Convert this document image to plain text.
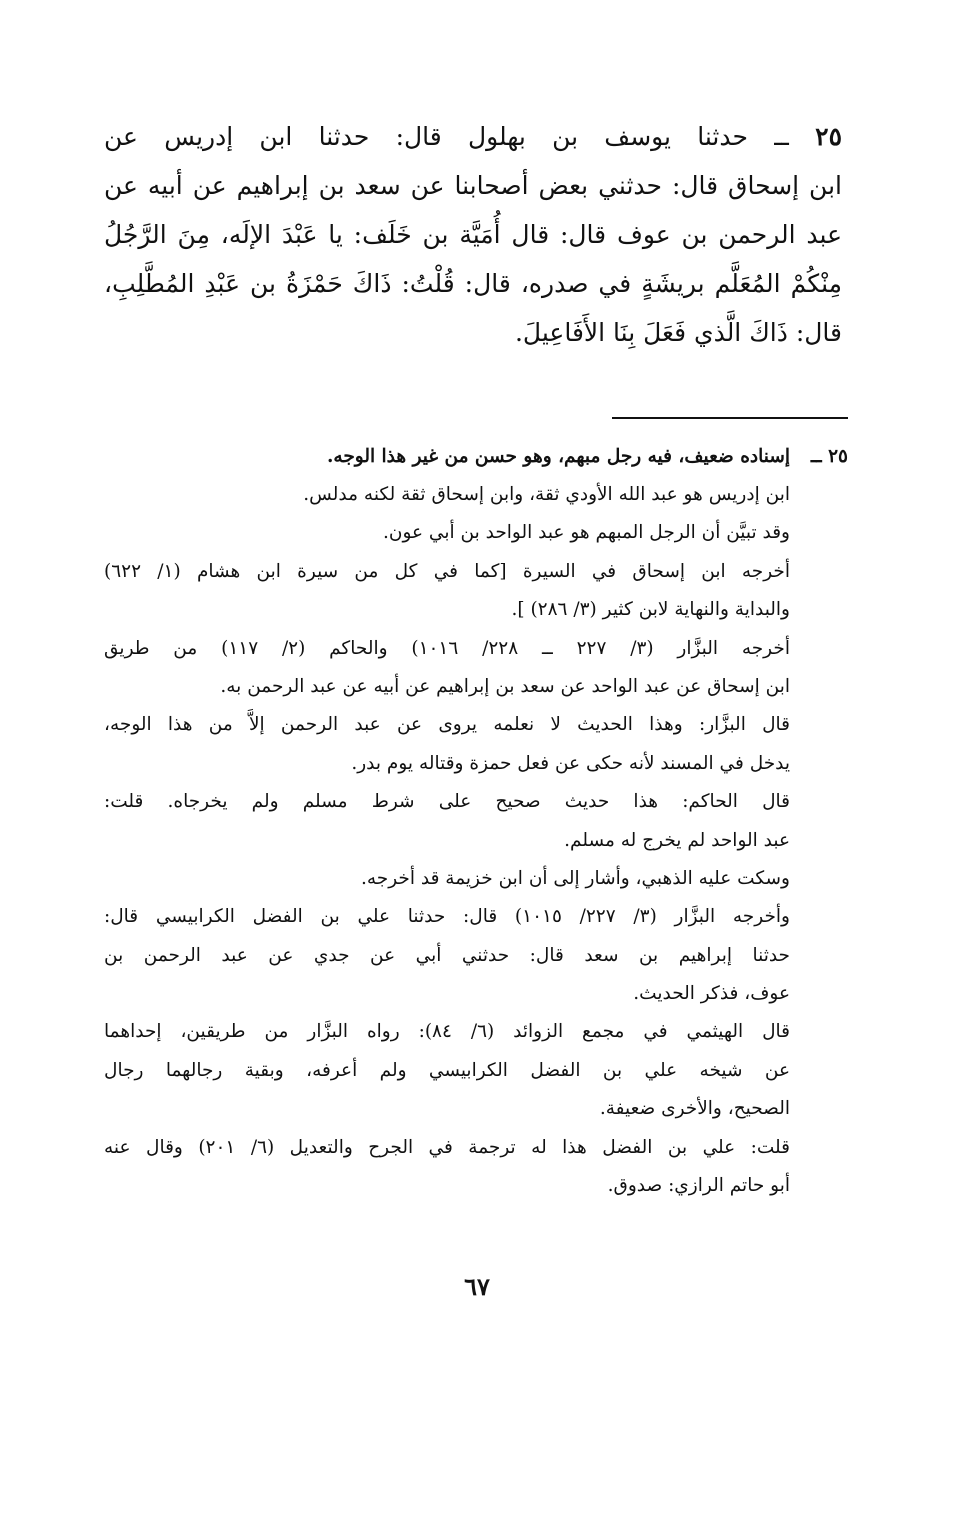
٢٥ ــ حدثنا يوسف بن بهلول قال: حدثنا ابن إدريس عن
ابن إسحاق قال: حدثني بعض أصحابنا عن سعد بن إبراهيم عن أبيه عن
عبد الرحمن بن عوف قال: قال أُمَيَّة بن خَلَف: يا عَبْدَ الإلَه، مِنَ الرَّجُلُ
مِنْكُمْ المُعَلَّم بريشَةٍ في صدره، قال: قُلْتُ: ذَاكَ حَمْزَةُ بن عَبْدِ المُطَّلِبِ،
قال: ذَاكَ الَّذي فَعَلَ بِنَا الأَفَاعِيلَ.
٢٥ ــ
إسناده ضعيف، فيه رجل مبهم، وهو حسن من غير هذا الوجه.
ابن إدريس هو عبد الله الأودي ثقة، وابن إسحاق ثقة لكنه مدلس.
وقد تبيَّن أن الرجل المبهم هو عبد الواحد بن أبي عون.
أخرجه ابن إسحاق في السيرة [كما في كل من سيرة ابن هشام (١/ ٦٢٢)
والبداية والنهاية لابن كثير (٣/ ٢٨٦) ].
أخرجه البزَّار (٣/ ٢٢٧ ــ ٢٢٨/ ١٠١٦) والحاكم (٢/ ١١٧) من طريق
ابن إسحاق عن عبد الواحد عن سعد بن إبراهيم عن أبيه عن عبد الرحمن به.
قال البزَّار: وهذا الحديث لا نعلمه يروى عن عبد الرحمن إلاَّ من هذا الوجه،
يدخل في المسند لأنه حكى عن فعل حمزة وقتاله يوم بدر.
قال الحاكم: هذا حديث صحيح على شرط مسلم ولم يخرجاه. قلت:
عبد الواحد لم يخرج له مسلم.
وسكت عليه الذهبي، وأشار إلى أن ابن خزيمة قد أخرجه.
وأخرجه البزَّار (٣/ ٢٢٧/ ١٠١٥) قال: حدثنا علي بن الفضل الكرابيسي قال:
حدثنا إبراهيم بن سعد قال: حدثني أبي عن جدي عن عبد الرحمن بن
عوف، فذكر الحديث.
قال الهيثمي في مجمع الزوائد (٦/ ٨٤): رواه البزَّار من طريقين، إحداهما
عن شيخه علي بن الفضل الكرابيسي ولم أعرفه، وبقية رجالهما رجال
الصحيح، والأخرى ضعيفة.
قلت: علي بن الفضل هذا له ترجمة في الجرح والتعديل (٦/ ٢٠١) وقال عنه
أبو حاتم الرازي: صدوق.
٦٧
